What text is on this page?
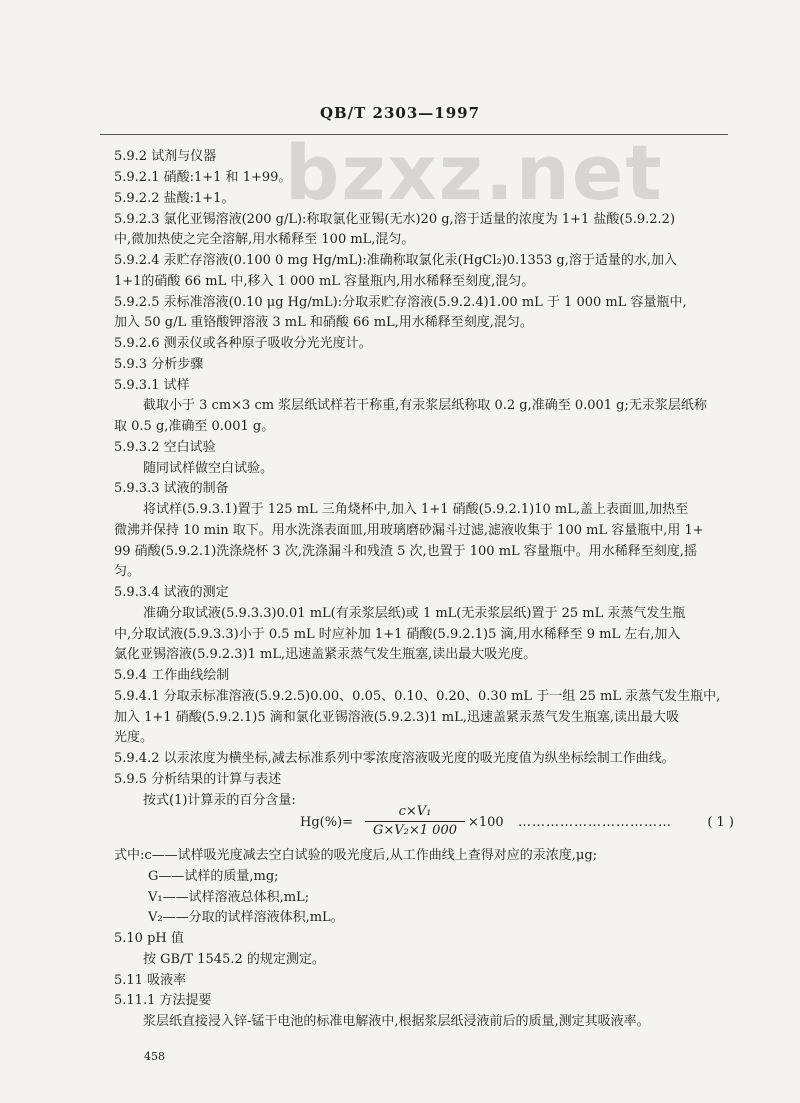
bzxz.net
QB/T 2303—1997
5.9.2 试剂与仪器
5.9.2.1 硝酸:1+1 和 1+99。
5.9.2.2 盐酸:1+1。
5.9.2.3 氯化亚锡溶液(200 g/L):称取氯化亚锡(无水)20 g,溶于适量的浓度为 1+1 盐酸(5.9.2.2)
中,微加热使之完全溶解,用水稀释至 100 mL,混匀。
5.9.2.4 汞贮存溶液(0.100 0 mg Hg/mL):准确称取氯化汞(HgCl₂)0.1353 g,溶于适量的水,加入
1+1的硝酸 66 mL 中,移入 1 000 mL 容量瓶内,用水稀释至刻度,混匀。
5.9.2.5 汞标准溶液(0.10 μg Hg/mL):分取汞贮存溶液(5.9.2.4)1.00 mL 于 1 000 mL 容量瓶中,
加入 50 g/L 重铬酸钾溶液 3 mL 和硝酸 66 mL,用水稀释至刻度,混匀。
5.9.2.6 测汞仪或各种原子吸收分光光度计。
5.9.3 分析步骤
5.9.3.1 试样
截取小于 3 cm×3 cm 浆层纸试样若干称重,有汞浆层纸称取 0.2 g,准确至 0.001 g;无汞浆层纸称
取 0.5 g,准确至 0.001 g。
5.9.3.2 空白试验
随同试样做空白试验。
5.9.3.3 试液的制备
将试样(5.9.3.1)置于 125 mL 三角烧杯中,加入 1+1 硝酸(5.9.2.1)10 mL,盖上表面皿,加热至
微沸并保持 10 min 取下。用水洗涤表面皿,用玻璃磨砂漏斗过滤,滤液收集于 100 mL 容量瓶中,用 1+
99 硝酸(5.9.2.1)洗涤烧杯 3 次,洗涤漏斗和残渣 5 次,也置于 100 mL 容量瓶中。用水稀释至刻度,摇
匀。
5.9.3.4 试液的测定
准确分取试液(5.9.3.3)0.01 mL(有汞浆层纸)或 1 mL(无汞浆层纸)置于 25 mL 汞蒸气发生瓶
中,分取试液(5.9.3.3)小于 0.5 mL 时应补加 1+1 硝酸(5.9.2.1)5 滴,用水稀释至 9 mL 左右,加入
氯化亚锡溶液(5.9.2.3)1 mL,迅速盖紧汞蒸气发生瓶塞,读出最大吸光度。
5.9.4 工作曲线绘制
5.9.4.1 分取汞标准溶液(5.9.2.5)0.00、0.05、0.10、0.20、0.30 mL 于一组 25 mL 汞蒸气发生瓶中,
加入 1+1 硝酸(5.9.2.1)5 滴和氯化亚锡溶液(5.9.2.3)1 mL,迅速盖紧汞蒸气发生瓶塞,读出最大吸
光度。
5.9.4.2 以汞浓度为横坐标,减去标准系列中零浓度溶液吸光度的吸光度值为纵坐标绘制工作曲线。
5.9.5 分析结果的计算与表述
按式(1)计算汞的百分含量:
Hg(%)=
c×V₁
G×V₂×1 000
×100 ……………………………	( 1 )
式中:c——试样吸光度减去空白试验的吸光度后,从工作曲线上查得对应的汞浓度,μg;
G——试样的质量,mg;
V₁——试样溶液总体积,mL;
V₂——分取的试样溶液体积,mL。
5.10 pH 值
按 GB/T 1545.2 的规定测定。
5.11 吸液率
5.11.1 方法提要
浆层纸直接浸入锌-锰干电池的标准电解液中,根据浆层纸浸液前后的质量,测定其吸液率。
458
